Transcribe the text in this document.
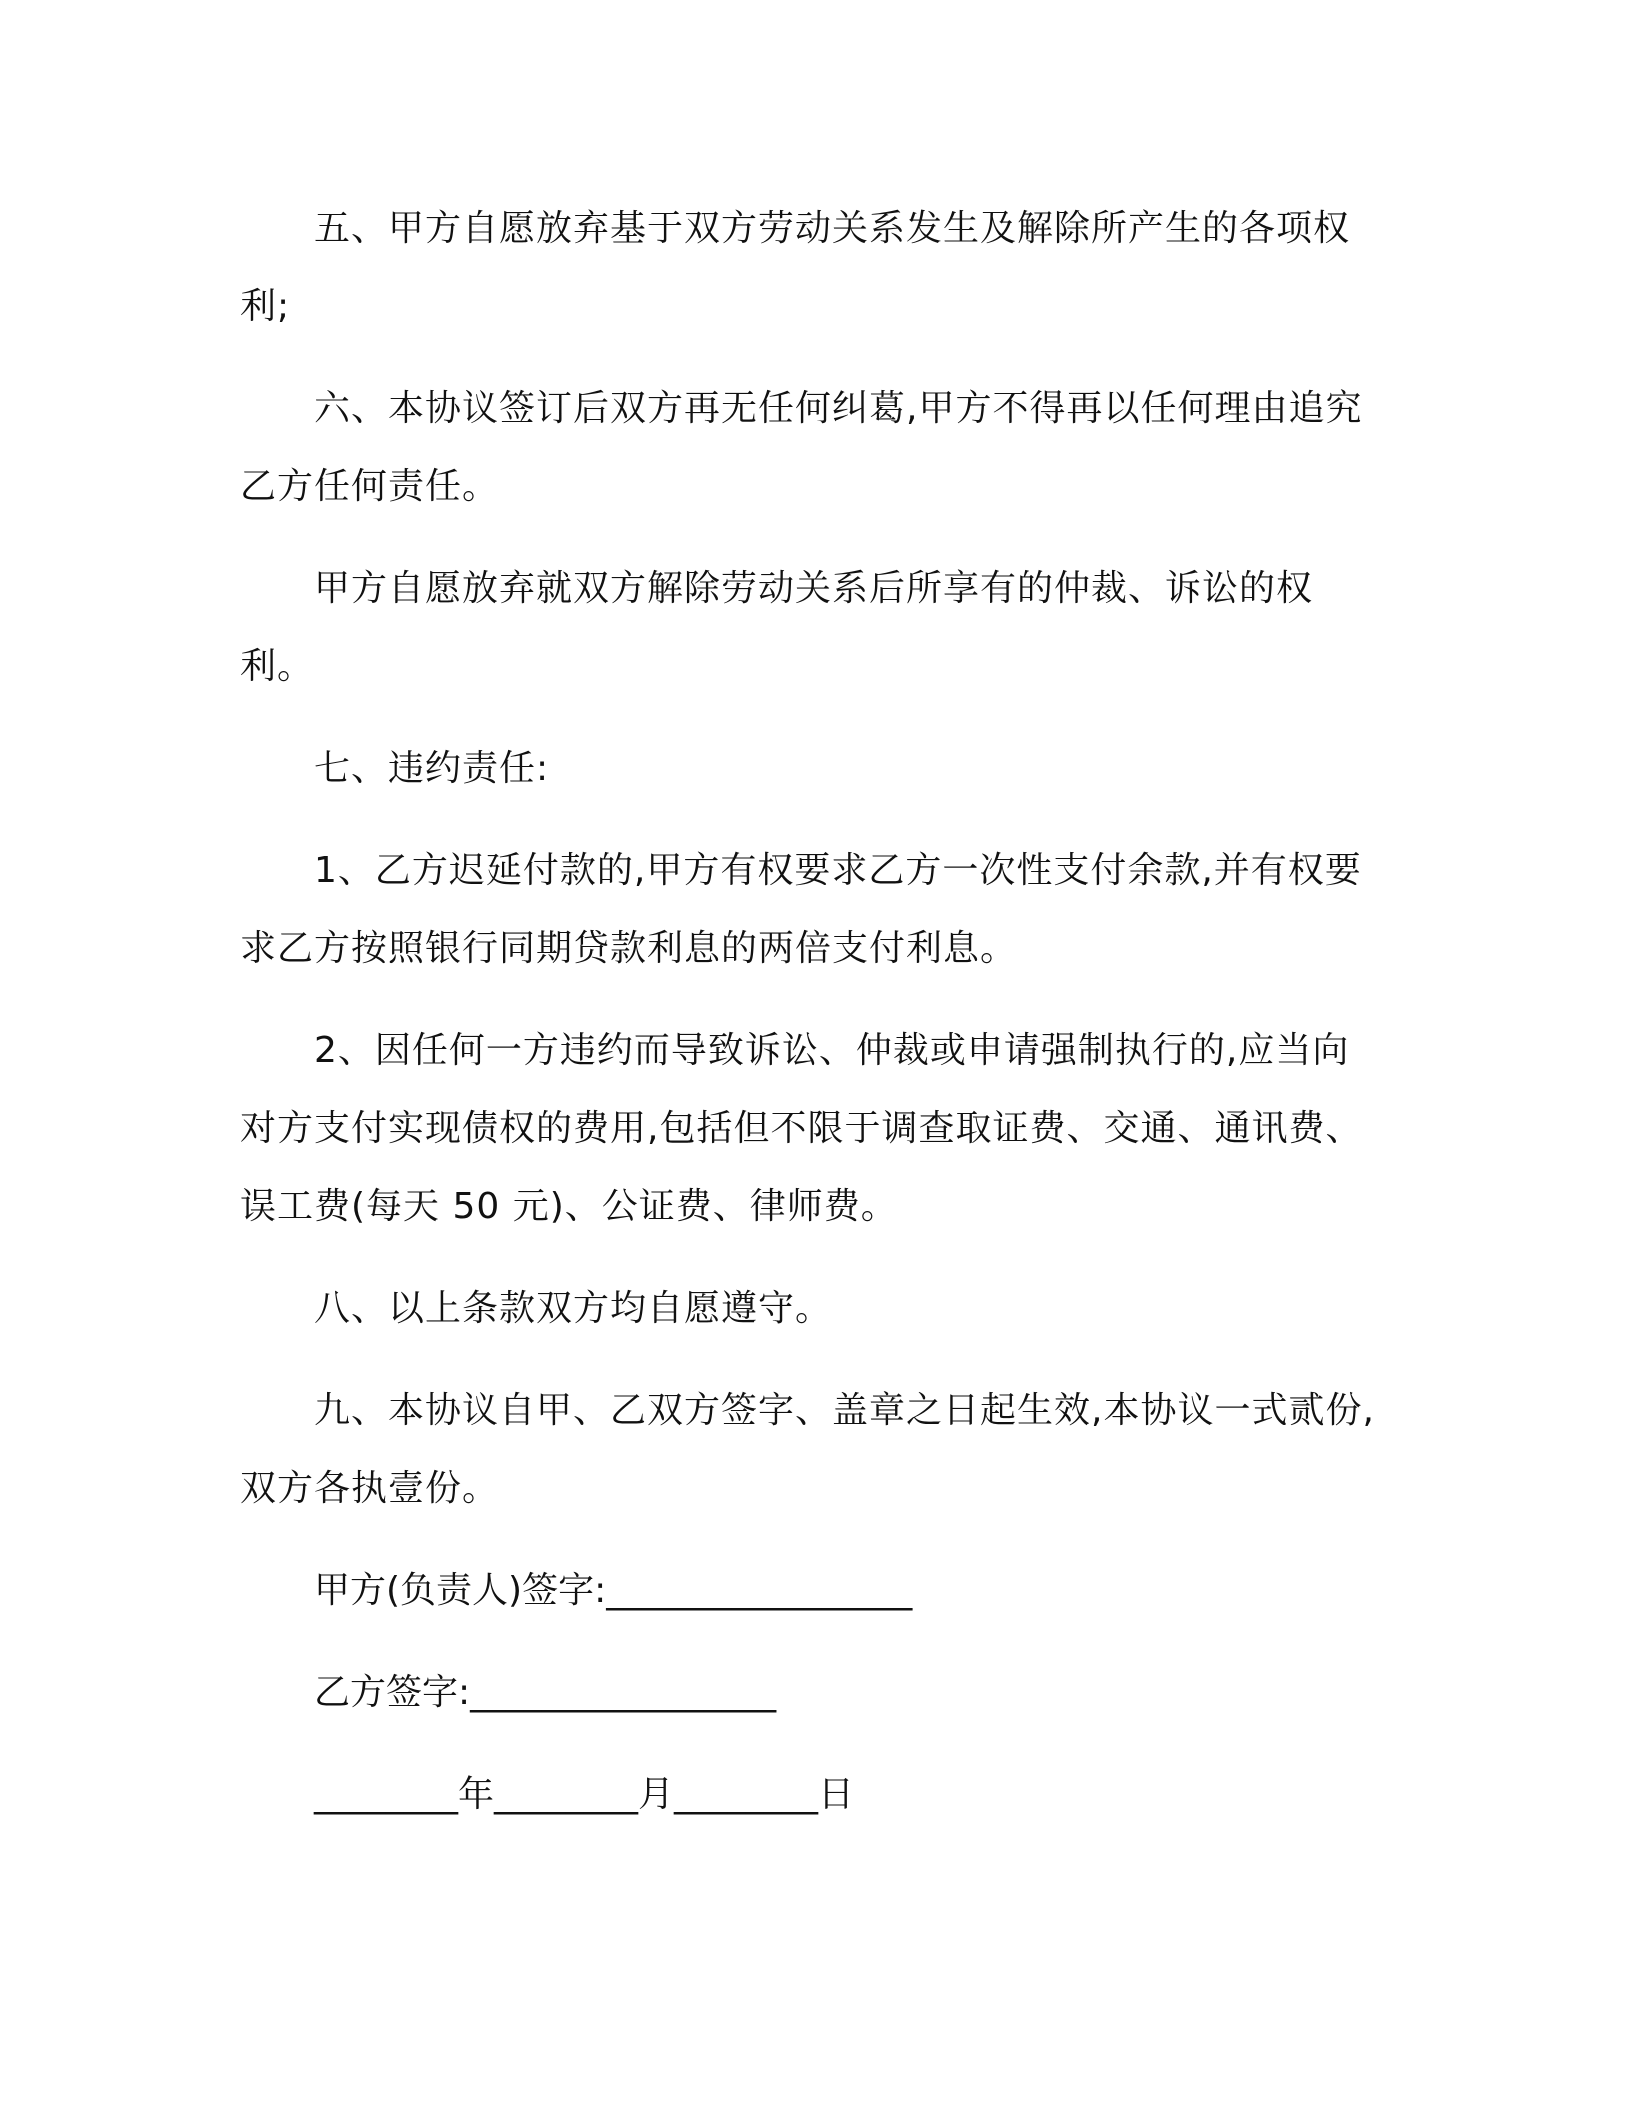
五、甲方自愿放弃基于双方劳动关系发生及解除所产生的各项权利;

六、本协议签订后双方再无任何纠葛,甲方不得再以任何理由追究乙方任何责任。

甲方自愿放弃就双方解除劳动关系后所享有的仲裁、诉讼的权利。

七、违约责任:

1、乙方迟延付款的,甲方有权要求乙方一次性支付余款,并有权要求乙方按照银行同期贷款利息的两倍支付利息。

2、因任何一方违约而导致诉讼、仲裁或申请强制执行的,应当向对方支付实现债权的费用,包括但不限于调查取证费、交通、通讯费、误工费(每天 50 元)、公证费、律师费。

八、以上条款双方均自愿遵守。

九、本协议自甲、乙双方签字、盖章之日起生效,本协议一式贰份,双方各执壹份。

甲方(负责人)签字:_________________

乙方签字:_________________

________年________月________日
